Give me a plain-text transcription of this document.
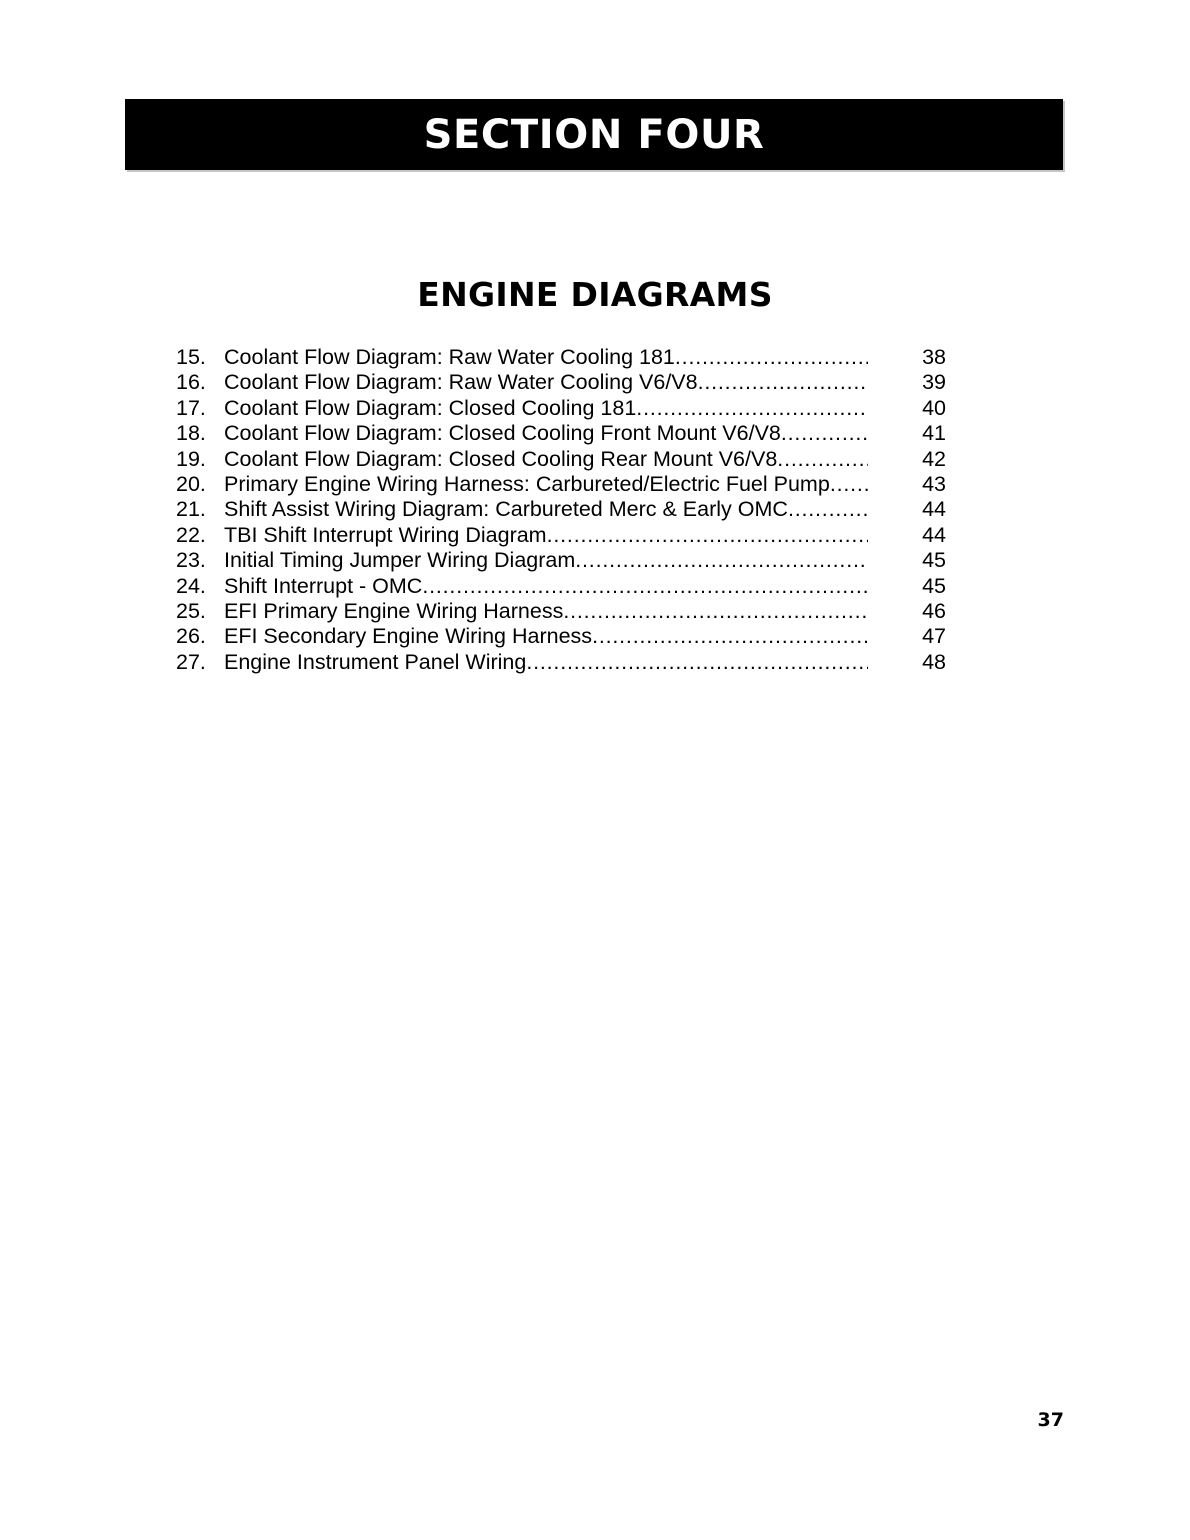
SECTION FOUR
ENGINE DIAGRAMS
15. Coolant Flow Diagram: Raw Water Cooling 181 .....	38
16. Coolant Flow Diagram: Raw Water Cooling V6/V8 .....	39
17. Coolant Flow Diagram: Closed Cooling 181 .....	40
18. Coolant Flow Diagram: Closed Cooling Front Mount V6/V8 .....	41
19. Coolant Flow Diagram: Closed Cooling Rear Mount V6/V8 .....	42
20. Primary Engine Wiring Harness: Carbureted/Electric Fuel Pump .....	43
21. Shift Assist Wiring Diagram: Carbureted Merc & Early OMC .....	44
22. TBI Shift Interrupt Wiring Diagram .....	44
23. Initial Timing Jumper Wiring Diagram .....	45
24. Shift Interrupt - OMC .....	45
25. EFI Primary Engine Wiring Harness .....	46
26. EFI Secondary Engine Wiring Harness .....	47
27. Engine Instrument Panel Wiring .....	48
37
